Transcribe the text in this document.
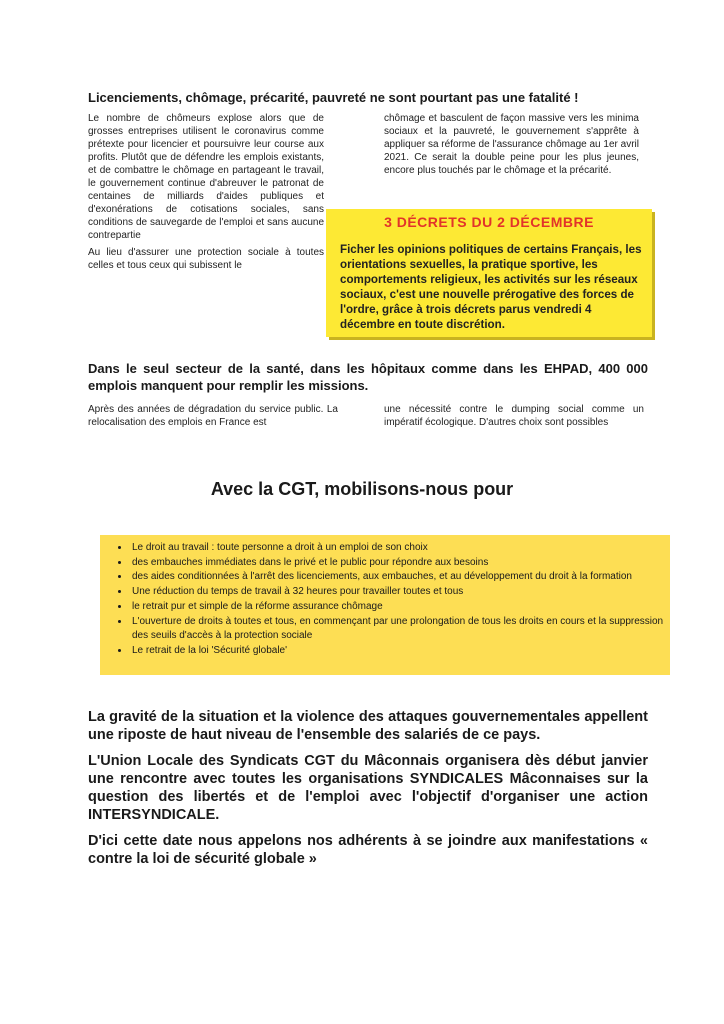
Licenciements, chômage, précarité, pauvreté ne sont pourtant pas une fatalité !

Le nombre de chômeurs explose alors que de grosses entreprises utilisent le coronavirus comme prétexte pour licencier et poursuivre leur course aux profits. Plutôt que de défendre les emplois existants, et de combattre le chômage en partageant le travail, le gouvernement continue d'abreuver le patronat de centaines de milliards d'aides publiques et d'exonérations de cotisations sociales, sans conditions de sauvegarde de l'emploi et sans aucune contrepartie

Au lieu d'assurer une protection sociale à toutes celles et tous ceux qui subissent le

chômage et basculent de façon massive vers les minima sociaux et la pauvreté, le gouvernement s'apprête à appliquer sa réforme de l'assurance chômage au 1er avril 2021. Ce serait la double peine pour les plus jeunes, encore plus touchés par le chômage et la précarité.

3 DÉCRETS DU 2 DÉCEMBRE
Ficher les opinions politiques de certains Français, les orientations sexuelles, la pratique sportive, les comportements religieux, les activités sur les réseaux sociaux, c'est une nouvelle prérogative des forces de l'ordre, grâce à trois décrets parus vendredi 4 décembre en toute discrétion.
Dans le seul secteur de la santé, dans les hôpitaux comme dans les EHPAD, 400 000 emplois manquent pour remplir les missions.

Après des années de dégradation du service public. La relocalisation des emplois en France est

une nécessité contre le dumping social comme un impératif écologique. D'autres choix sont possibles

Avec la CGT, mobilisons-nous pour
• Le droit au travail : toute personne a droit à un emploi de son choix
• des embauches immédiates dans le privé et le public pour répondre aux besoins
• des aides conditionnées à l'arrêt des licenciements, aux embauches, et au développement du droit à la formation
• Une réduction du temps de travail à 32 heures pour travailler toutes et tous
• le retrait pur et simple de la réforme assurance chômage
• L'ouverture de droits à toutes et tous, en commençant par une prolongation de tous les droits en cours et la suppression des seuils d'accès à la protection sociale
• Le retrait de la loi 'Sécurité globale'

La gravité de la situation et la violence des attaques gouvernementales appellent une riposte de haut niveau de l'ensemble des salariés de ce pays.

L'Union Locale des Syndicats CGT du Mâconnais organisera dès début janvier une rencontre avec toutes les organisations SYNDICALES Mâconnaises sur la question des libertés et de l'emploi avec l'objectif d'organiser une action INTERSYNDICALE.

D'ici cette date nous appelons nos adhérents à se joindre aux manifestations « contre la loi de sécurité globale »
